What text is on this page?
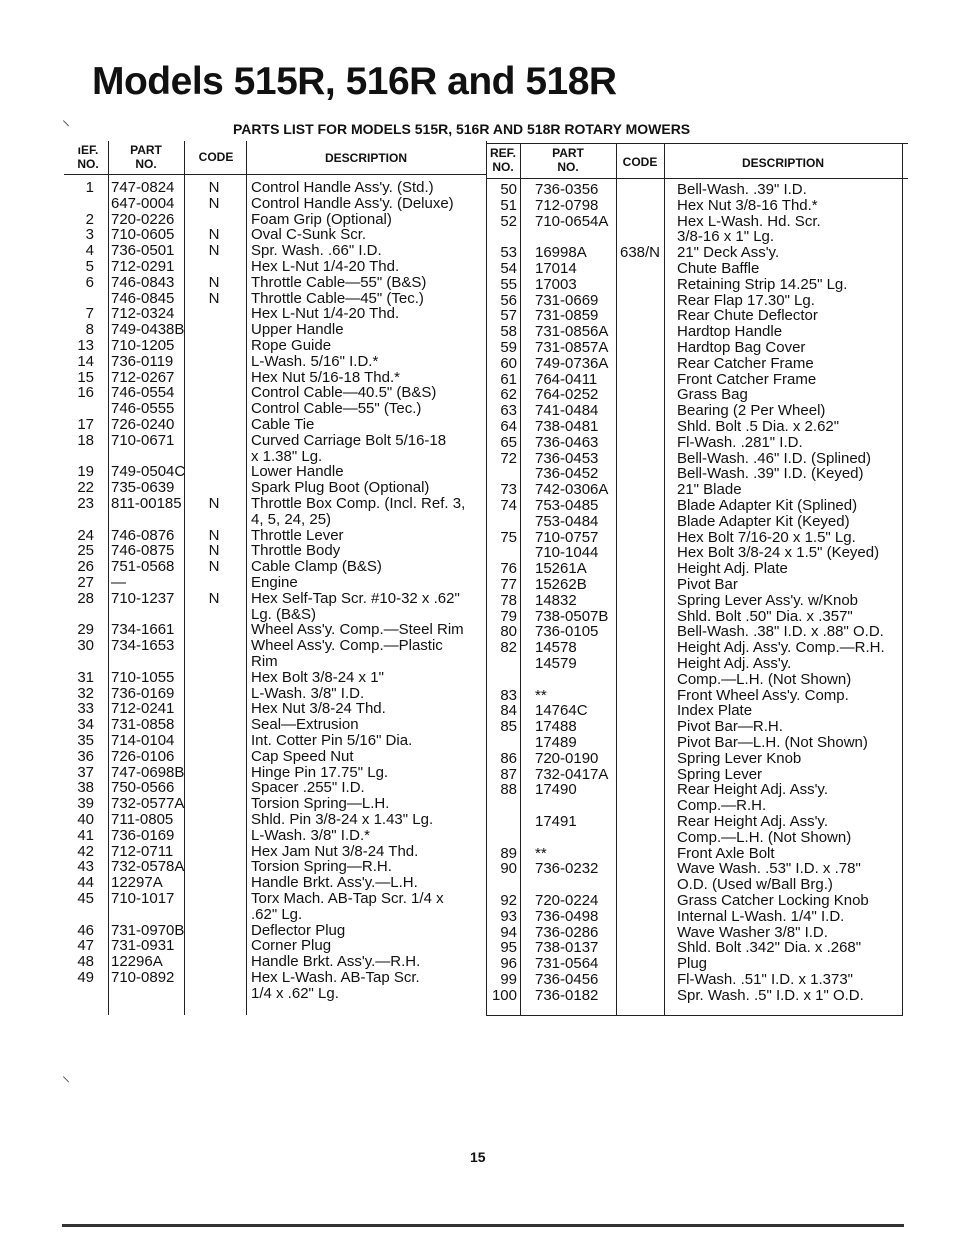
Models 515R, 516R and 518R
PARTS LIST FOR MODELS 515R, 516R AND 518R ROTARY MOWERS
⸜
⸜
ıEF.
NO.
PART
NO.	CODE	DESCRIPTION	REF.
NO.
PART
NO.	CODE	DESCRIPTION
1 747-0824	N	Control Handle Ass'y. (Std.)
647-0004	N	Control Handle Ass'y. (Deluxe)
2 720-0226	Foam Grip (Optional)
3 710-0605	N	Oval C-Sunk Scr.
4 736-0501	N	Spr. Wash. .66" I.D.
5 712-0291	Hex L-Nut 1/4-20 Thd.
6 746-0843	N	Throttle Cable—55" (B&S)
746-0845	N	Throttle Cable—45" (Tec.)
7 712-0324	Hex L-Nut 1/4-20 Thd.
8 749-0438B	Upper Handle
13 710-1205	Rope Guide
14 736-0119	L-Wash. 5/16" I.D.*
15 712-0267	Hex Nut 5/16-18 Thd.*
16 746-0554	Control Cable—40.5" (B&S)
746-0555	Control Cable—55" (Tec.)
17 726-0240	Cable Tie
18 710-0671	Curved Carriage Bolt 5/16-18
x 1.38" Lg.
19 749-0504C	Lower Handle
22 735-0639	Spark Plug Boot (Optional)
23 811-00185	N	Throttle Box Comp. (Incl. Ref. 3,
4, 5, 24, 25)
24 746-0876	N	Throttle Lever
25 746-0875	N	Throttle Body
26 751-0568	N	Cable Clamp (B&S)
27 —	Engine
28 710-1237	N	Hex Self-Tap Scr. #10-32 x .62"
Lg. (B&S)
29 734-1661	Wheel Ass'y. Comp.—Steel Rim
30 734-1653	Wheel Ass'y. Comp.—Plastic
Rim
31 710-1055	Hex Bolt 3/8-24 x 1"
32 736-0169	L-Wash. 3/8" I.D.
33 712-0241	Hex Nut 3/8-24 Thd.
34 731-0858	Seal—Extrusion
35 714-0104	Int. Cotter Pin 5/16" Dia.
36 726-0106	Cap Speed Nut
37 747-0698B	Hinge Pin 17.75" Lg.
38 750-0566	Spacer .255" I.D.
39 732-0577A	Torsion Spring—L.H.
40 711-0805	Shld. Pin 3/8-24 x 1.43" Lg.
41 736-0169	L-Wash. 3/8" I.D.*
42 712-0711	Hex Jam Nut 3/8-24 Thd.
43 732-0578A	Torsion Spring—R.H.
44 12297A	Handle Brkt. Ass'y.—L.H.
45 710-1017	Torx Mach. AB-Tap Scr. 1/4 x
.62" Lg.
46 731-0970B	Deflector Plug
47 731-0931	Corner Plug
48 12296A	Handle Brkt. Ass'y.—R.H.
49 710-0892	Hex L-Wash. AB-Tap Scr.
1/4 x .62" Lg.
50 736-0356	Bell-Wash. .39" I.D.
51 712-0798	Hex Nut 3/8-16 Thd.*
52 710-0654A	Hex L-Wash. Hd. Scr.
3/8-16 x 1" Lg.
53 16998A	638/N 21" Deck Ass'y.
54 17014	Chute Baffle
55 17003	Retaining Strip 14.25" Lg.
56 731-0669	Rear Flap 17.30" Lg.
57 731-0859	Rear Chute Deflector
58 731-0856A	Hardtop Handle
59 731-0857A	Hardtop Bag Cover
60 749-0736A	Rear Catcher Frame
61 764-0411	Front Catcher Frame
62 764-0252	Grass Bag
63 741-0484	Bearing (2 Per Wheel)
64 738-0481	Shld. Bolt .5 Dia. x 2.62"
65 736-0463	Fl-Wash. .281" I.D.
72 736-0453	Bell-Wash. .46" I.D. (Splined)
736-0452	Bell-Wash. .39" I.D. (Keyed)
73 742-0306A	21" Blade
74 753-0485	Blade Adapter Kit (Splined)
753-0484	Blade Adapter Kit (Keyed)
75 710-0757	Hex Bolt 7/16-20 x 1.5" Lg.
710-1044	Hex Bolt 3/8-24 x 1.5" (Keyed)
76 15261A	Height Adj. Plate
77 15262B	Pivot Bar
78 14832	Spring Lever Ass'y. w/Knob
79 738-0507B	Shld. Bolt .50" Dia. x .357"
80 736-0105	Bell-Wash. .38" I.D. x .88" O.D.
82 14578	Height Adj. Ass'y. Comp.—R.H.
14579	Height Adj. Ass'y.
Comp.—L.H. (Not Shown)
83 **	Front Wheel Ass'y. Comp.
84 14764C	Index Plate
85 17488	Pivot Bar—R.H.
17489	Pivot Bar—L.H. (Not Shown)
86 720-0190	Spring Lever Knob
87 732-0417A	Spring Lever
88 17490	Rear Height Adj. Ass'y.
Comp.—R.H.
17491	Rear Height Adj. Ass'y.
Comp.—L.H. (Not Shown)
89 **	Front Axle Bolt
90 736-0232	Wave Wash. .53" I.D. x .78"
O.D. (Used w/Ball Brg.)
92 720-0224	Grass Catcher Locking Knob
93 736-0498	Internal L-Wash. 1/4" I.D.
94 736-0286	Wave Washer 3/8" I.D.
95 738-0137	Shld. Bolt .342" Dia. x .268"
96 731-0564	Plug
99 736-0456	Fl-Wash. .51" I.D. x 1.373"
100 736-0182	Spr. Wash. .5" I.D. x 1" O.D.
15
